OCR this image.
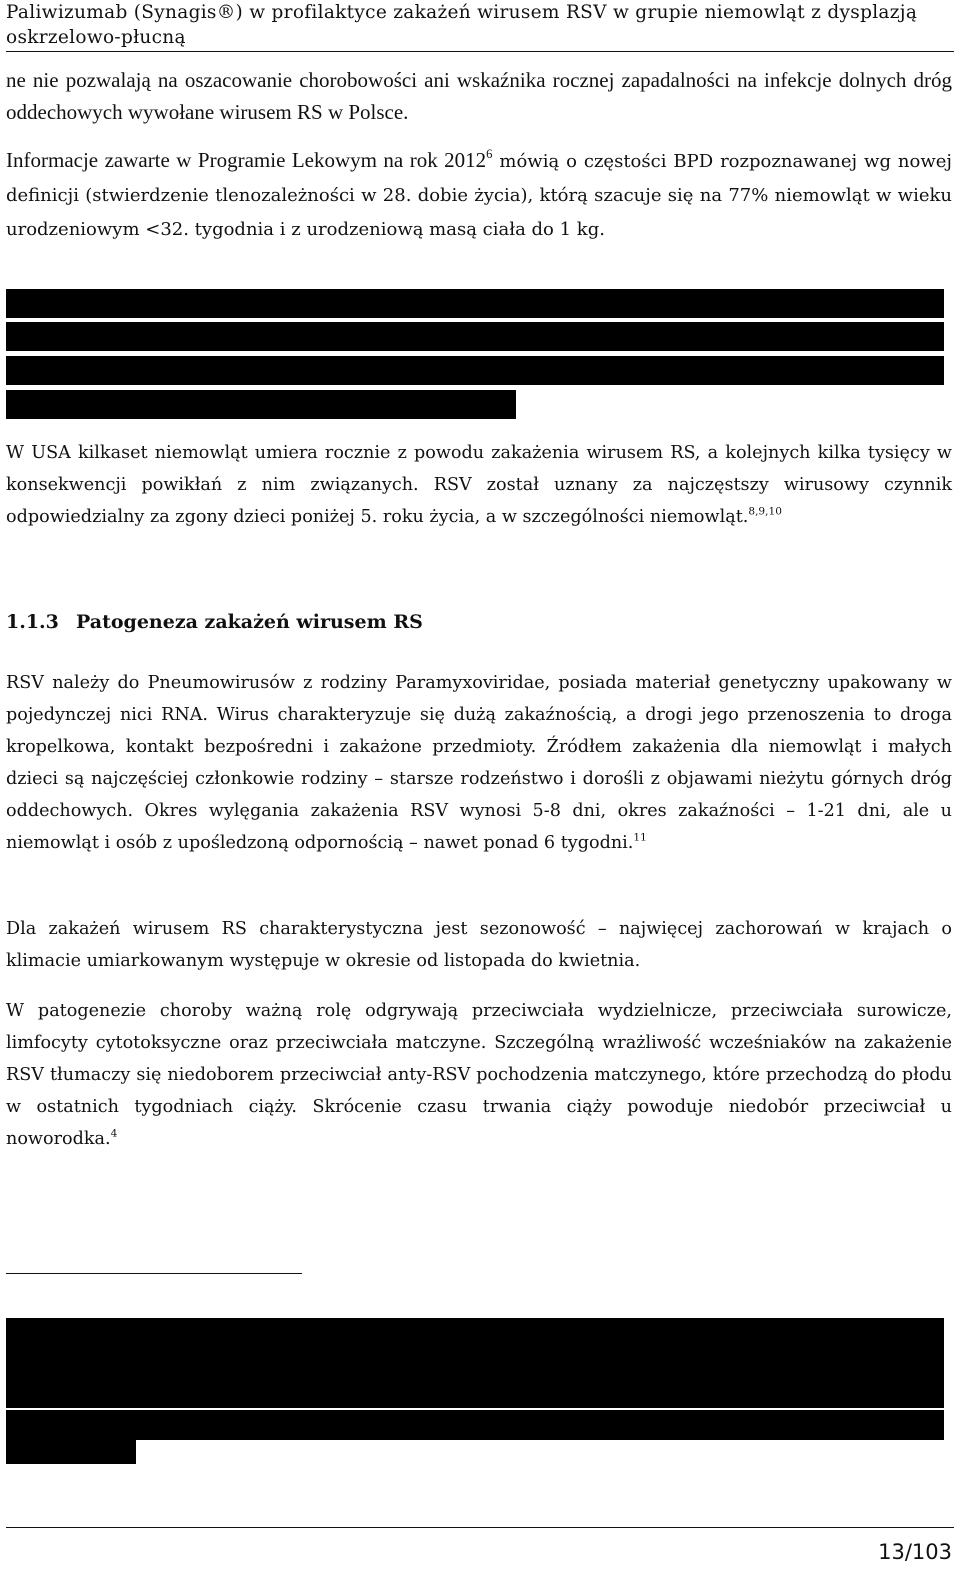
Paliwizumab (Synagis®) w profilaktyce zakażeń wirusem RSV w grupie niemowląt z dysplazją oskrzelowo-płucną

ne nie pozwalają na oszacowanie chorobowości ani wskaźnika rocznej zapadalności na infekcje dolnych dróg oddechowych wywołane wirusem RS w Polsce.

Informacje zawarte w Programie Lekowym na rok 2012$^6$ mówią o częstości BPD rozpoznawanej wg nowej definicji (stwierdzenie tlenozależności w 28. dobie życia), którą szacuje się na 77% niemowląt w wieku urodzeniowym <32. tygodnia i z urodzeniową masą ciała do 1 kg.

W USA kilkaset niemowląt umiera rocznie z powodu zakażenia wirusem RS, a kolejnych kilka tysięcy w konsekwencji powikłań z nim związanych. RSV został uznany za najczęstszy wirusowy czynnik odpowiedzialny za zgony dzieci poniżej 5. roku życia, a w szczególności niemowląt.$^{8,9,10}$

1.1.3 Patogeneza zakażeń wirusem RS

RSV należy do Pneumowirusów z rodziny Paramyxoviridae, posiada materiał genetyczny upakowany w pojedynczej nici RNA. Wirus charakteryzuje się dużą zakaźnością, a drogi jego przenoszenia to droga kropelkowa, kontakt bezpośredni i zakażone przedmioty. Źródłem zakażenia dla niemowląt i małych dzieci są najczęściej członkowie rodziny – starsze rodzeństwo i dorośli z objawami nieżytu górnych dróg oddechowych. Okres wylęgania zakażenia RSV wynosi 5-8 dni, okres zakaźności – 1-21 dni, ale u niemowląt i osób z upośledzoną odpornością – nawet ponad 6 tygodni.$^{11}$

Dla zakażeń wirusem RS charakterystyczna jest sezonowość – najwięcej zachorowań w krajach o klimacie umiarkowanym występuje w okresie od listopada do kwietnia.

W patogenezie choroby ważną rolę odgrywają przeciwciała wydzielnicze, przeciwciała surowicze, limfocyty cytotoksyczne oraz przeciwciała matczyne. Szczególną wrażliwość wcześniaków na zakażenie RSV tłumaczy się niedoborem przeciwciał anty-RSV pochodzenia matczynego, które przechodzą do płodu w ostatnich tygodniach ciąży. Skrócenie czasu trwania ciąży powoduje niedobór przeciwciał u noworodka.$^4$

13/103
